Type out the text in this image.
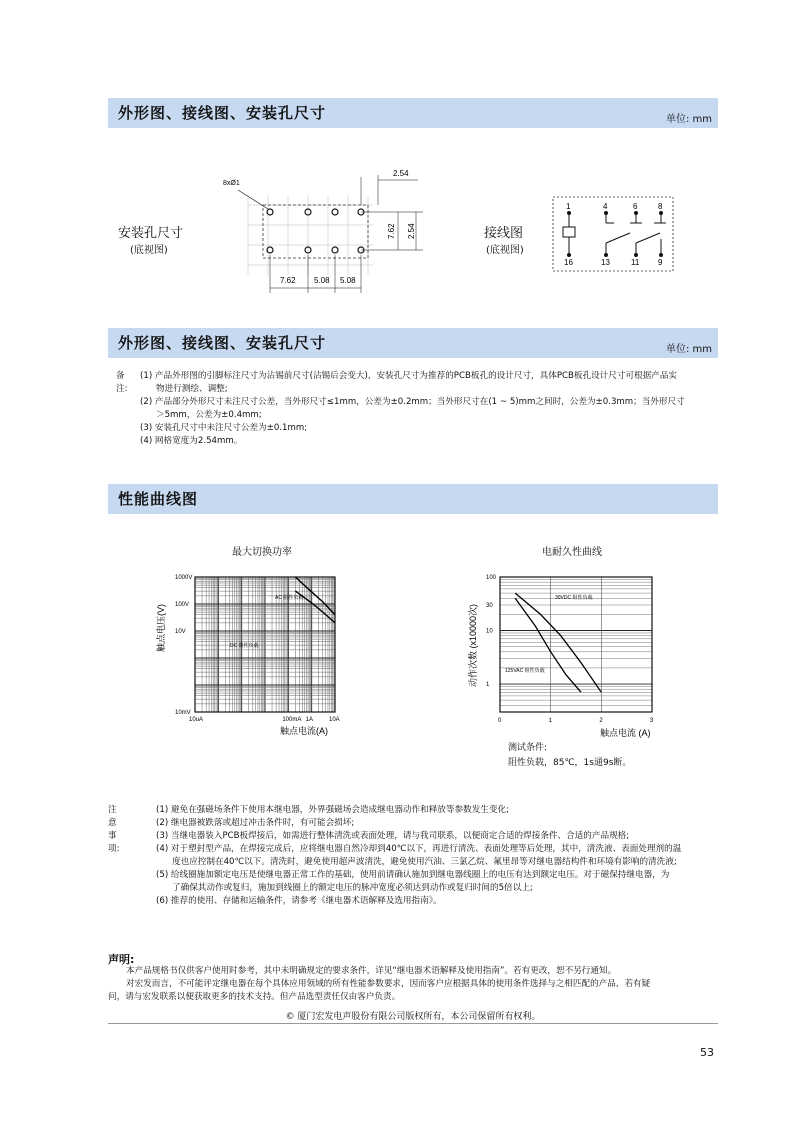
外形图、接线图、安装孔尺寸	单位: mm
安装孔尺寸
(底视图)
8xØ1
2.54
7.62 2.54
7.62 5.08 5.08
接线图
(底视图)
1	4	6	8
16	13	11 9
外形图、接线图、安装孔尺寸	单位: mm
备注:
(1) 产品外形图的引脚标注尺寸为沾锡前尺寸(沾锡后会变大)，安装孔尺寸为推荐的PCB板孔的设计尺寸，具体PCB板孔设计尺寸可根据产品实
物进行测绘、调整;
(2) 产品部分外形尺寸未注尺寸公差，当外形尺寸≤1mm，公差为±0.2mm；当外形尺寸在(1 ~ 5)mm之间时，公差为±0.3mm；当外形尺寸
＞5mm，公差为±0.4mm;
(3) 安装孔尺寸中未注尺寸公差为±0.1mm;
(4) 网格宽度为2.54mm。
性能曲线图
最大切换功率	电耐久性曲线
10uA	100mA 1A	10A
10mV
10V
100V
1000V
AC 阻性负载
DC 阻性负载
触点电流(A)
触点电压(V)
0	1	2	3
1
10
30
100
30VDC 阻性负载
125VAC 阻性负载
触点电流 (A)
动作次数 (x10000次)
测试条件:
阻性负载，85℃，1s通9s断。
注意事项:
(1) 避免在强磁场条件下使用本继电器，外界强磁场会造成继电器动作和释放等参数发生变化;
(2) 继电器被跌落或超过冲击条件时，有可能会损坏;
(3) 当继电器装入PCB板焊接后，如需进行整体清洗或表面处理，请与我司联系，以便商定合适的焊接条件、合适的产品规格;
(4) 对于塑封型产品，在焊接完成后，应将继电器自然冷却到40℃以下，再进行清洗、表面处理等后处理，其中，清洗液、表面处理剂的温
度也应控制在40℃以下。清洗时，避免使用超声波清洗，避免使用汽油、三氯乙烷、氟里昂等对继电器结构件和环境有影响的清洗液;
(5) 给线圈施加额定电压是使继电器正常工作的基础，使用前请确认施加到继电器线圈上的电压有达到额定电压。对于磁保持继电器，为
了确保其动作或复归，施加到线圈上的额定电压的脉冲宽度必须达到动作或复归时间的5倍以上;
(6) 推荐的使用、存储和运输条件，请参考《继电器术语解释及选用指南》。
声明:
本产品规格书仅供客户使用时参考，其中未明确规定的要求条件，详见“继电器术语解释及使用指南”。若有更改，恕不另行通知。
对宏发而言，不可能评定继电器在每个具体应用领域的所有性能参数要求，因而客户应根据具体的使用条件选择与之相匹配的产品，若有疑
问，请与宏发联系以便获取更多的技术支持。但产品选型责任仅由客户负责。
© 厦门宏发电声股份有限公司版权所有，本公司保留所有权利。
53
